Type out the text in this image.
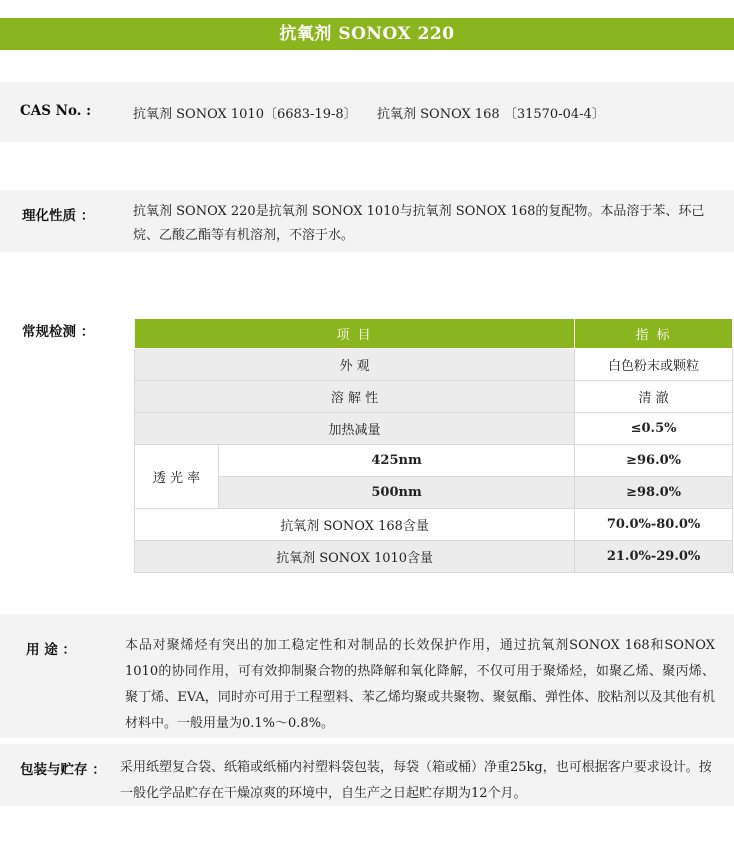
抗氧剂 SONOX 220
CAS No. :	抗氧剂 SONOX 1010〔6683-19-8〕 抗氧剂 SONOX 168 〔31570-04-4〕
理化性质 ：	抗氧剂 SONOX 220是抗氧剂 SONOX 1010与抗氧剂 SONOX 168的复配物。本品溶于苯、环己烷、乙酸乙酯等有机溶剂，不溶于水。
常规检测 ：	项 目		指 标
外 观		白色粉末或颗粒
溶 解 性		清 澈
加热减量		≤0.5%
透 光 率	425nm	≥96.0%
	500nm	≥98.0%
抗氧剂 SONOX 168含量		70.0%-80.0%
抗氧剂 SONOX 1010含量		21.0%-29.0%
用 途 ：	本品对聚烯烃有突出的加工稳定性和对制品的长效保护作用，通过抗氧剂SONOX 168和SONOX 1010的协同作用，可有效抑制聚合物的热降解和氧化降解，不仅可用于聚烯烃，如聚乙烯、聚丙烯、聚丁烯、EVA，同时亦可用于工程塑料、苯乙烯均聚或共聚物、聚氨酯、弹性体、胶粘剂以及其他有机材料中。一般用量为0.1%～0.8%。
包装与贮存 ： 采用纸塑复合袋、纸箱或纸桶内衬塑料袋包装，每袋（箱或桶）净重25kg，也可根据客户要求设计。按一般化学品贮存在干燥凉爽的环境中，自生产之日起贮存期为12个月。
